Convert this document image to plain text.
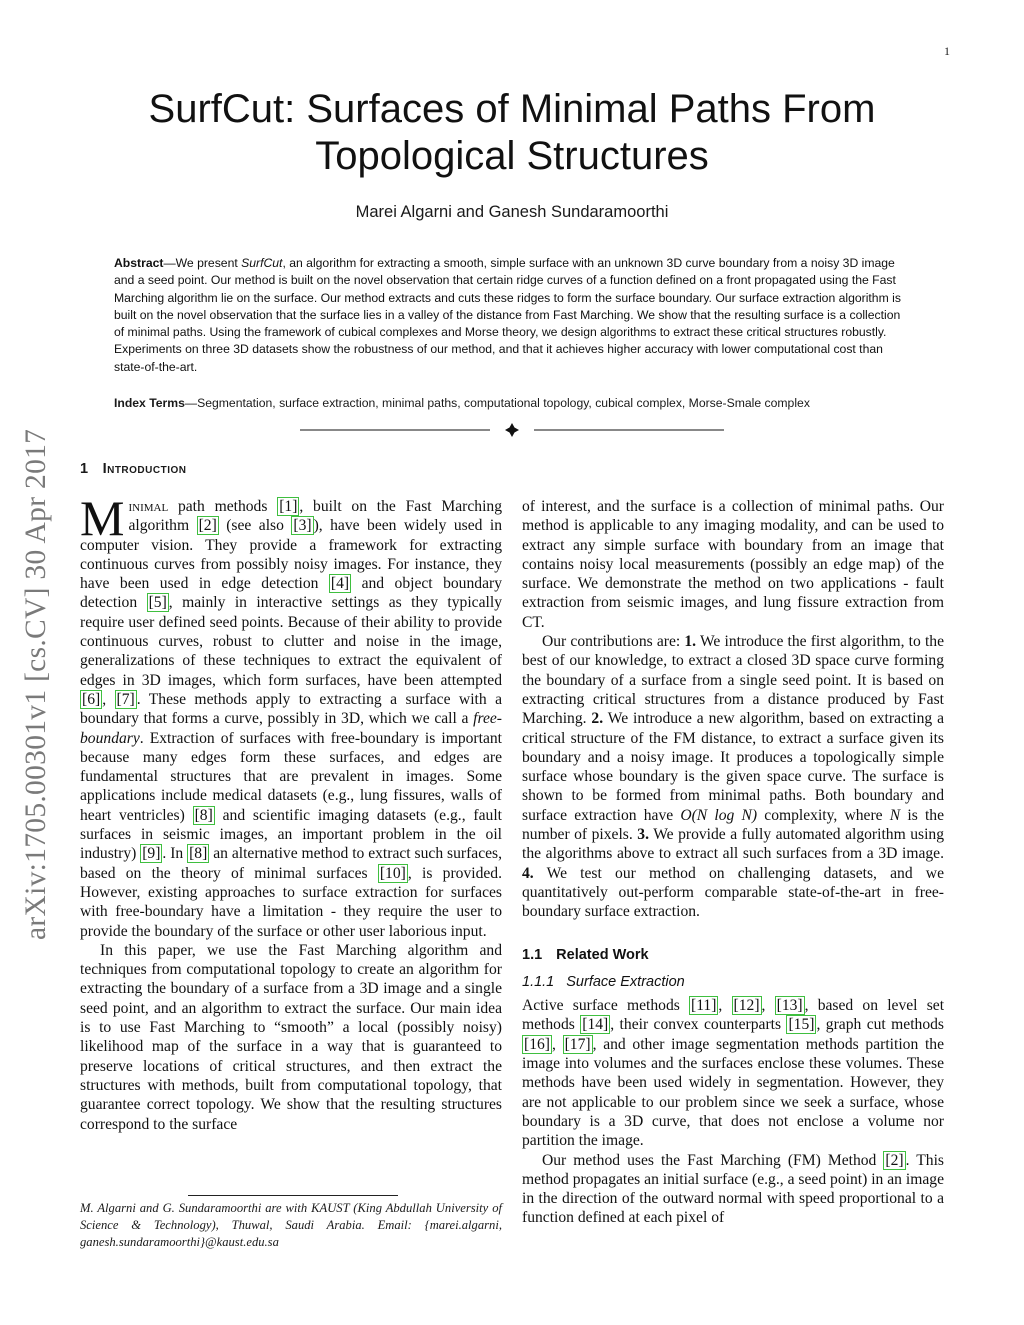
1
SurfCut: Surfaces of Minimal Paths From Topological Structures
Marei Algarni and Ganesh Sundaramoorthi
Abstract—We present SurfCut, an algorithm for extracting a smooth, simple surface with an unknown 3D curve boundary from a noisy 3D image and a seed point. Our method is built on the novel observation that certain ridge curves of a function defined on a front propagated using the Fast Marching algorithm lie on the surface. Our method extracts and cuts these ridges to form the surface boundary. Our surface extraction algorithm is built on the novel observation that the surface lies in a valley of the distance from Fast Marching. We show that the resulting surface is a collection of minimal paths. Using the framework of cubical complexes and Morse theory, we design algorithms to extract these critical structures robustly. Experiments on three 3D datasets show the robustness of our method, and that it achieves higher accuracy with lower computational cost than state-of-the-art.
Index Terms—Segmentation, surface extraction, minimal paths, computational topology, cubical complex, Morse-Smale complex
arXiv:1705.00301v1 [cs.CV] 30 Apr 2017 1 Introduction

Minimal path methods [1] , built on the Fast Marching algorithm [2] (see also [3] ), have been widely used in computer vision. They provide a framework for extracting continuous curves from possibly noisy images. For instance, they have been used in edge detection [4] and object boundary detection [5] , mainly in interactive settings as they typically require user defined seed points. Because of their ability to provide continuous curves, robust to clutter and noise in the image, generalizations of these techniques to extract the equivalent of edges in 3D images, which form surfaces, have been attempted [6] , [7] . These methods apply to extracting a surface with a boundary that forms a curve, possibly in 3D, which we call a free-boundary. Extraction of surfaces with free-boundary is important because many edges form these surfaces, and edges are fundamental structures that are prevalent in images. Some applications include medical datasets (e.g., lung fissures, walls of heart ventricles) [8] and scientific imaging datasets (e.g., fault surfaces in seismic images, an important problem in the oil industry) [9] . In [8] an alternative method to extract such surfaces, based on the theory of minimal surfaces [10] , is provided. However, existing approaches to surface extraction for surfaces with free-boundary have a limitation - they require the user to provide the boundary of the surface or other user laborious input.

In this paper, we use the Fast Marching algorithm and techniques from computational topology to create an algorithm for extracting the boundary of a surface from a 3D image and a single seed point, and an algorithm to extract the surface. Our main idea is to use Fast Marching to “smooth” a local (possibly noisy) likelihood map of the surface in a way that is guaranteed to preserve locations of critical structures, and then extract the structures with methods, built from computational topology, that guarantee correct topology. We show that the resulting structures correspond to the surface

of interest, and the surface is a collection of minimal paths. Our method is applicable to any imaging modality, and can be used to extract any simple surface with boundary from an image that contains noisy local measurements (possibly an edge map) of the surface. We demonstrate the method on two applications - fault extraction from seismic images, and lung fissure extraction from CT.

Our contributions are: 1. We introduce the first algorithm, to the best of our knowledge, to extract a closed 3D space curve forming the boundary of a surface from a single seed point. It is based on extracting critical structures from a distance produced by Fast Marching. 2. We introduce a new algorithm, based on extracting a critical structure of the FM distance, to extract a surface given its boundary and a noisy image. It produces a topologically simple surface whose boundary is the given space curve. The surface is shown to be formed from minimal paths. Both boundary and surface extraction have O(N log N) complexity, where N is the number of pixels. 3. We provide a fully automated algorithm using the algorithms above to extract all such surfaces from a 3D image. 4. We test our method on challenging datasets, and we quantitatively out-perform comparable state-of-the-art in free-boundary surface extraction.

1.1 Related Work
1.1.1 Surface Extraction

Active surface methods [11] , [12] , [13] , based on level set methods [14] , their convex counterparts [15] , graph cut methods [16] , [17] , and other image segmentation methods partition the image into volumes and the surfaces enclose these volumes. These methods have been used widely in segmentation. However, they are not applicable to our problem since we seek a surface, whose boundary is a 3D curve, that does not enclose a volume nor partition the image.

Our method uses the Fast Marching (FM) Method [2] . This method propagates an initial surface (e.g., a seed point) in an image in the direction of the outward normal with speed proportional to a function defined at each pixel of

M. Algarni and G. Sundaramoorthi are with KAUST (King Abdullah University of Science & Technology), Thuwal, Saudi Arabia. Email: {marei.algarni, ganesh.sundaramoorthi}@kaust.edu.sa
